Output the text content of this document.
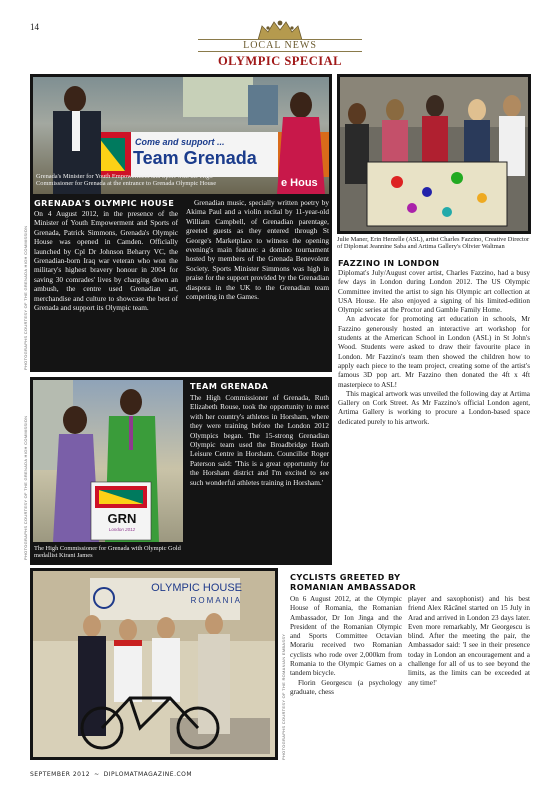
14
LOCAL NEWS
OLYMPIC SPECIAL
Come and support ...
Team Grenada
e Hous
Grenada's Minister for Youth Empowerment and Sport with the High Commissioner for Grenada at the entrance to Grenada Olympic House
GRENADA'S OLYMPIC HOUSE

On 4 August 2012, in the presence of the Minister of Youth Empowerment and Sports of Grenada, Patrick Simmons, Grenada's Olympic House was opened in Camden. Officially launched by Cpl Dr Johnson Beharry VC, the Grenadian-born Iraq war veteran who won the military's highest bravery honour in 2004 for saving 30 comrades' lives by charging down an ambush, the centre used Grenadian art, merchandise and culture to showcase the best of Grenada and support its Olympic team.

Grenadian music, specially written poetry by Akima Paul and a violin recital by 11-year-old William Campbell, of Grenadian parentage, greeted guests as they entered through St George's Marketplace to witness the opening evening's main feature: a domino tournament hosted by members of the Grenada Benevolent Society. Sports Minister Simmons was high in praise for the support provided by the Grenadian diaspora in the UK to the Grenadian team competing in the Games.

PHOTOGRAPHS COURTESY OF THE GRENADA HIGH COMMISSION
GRN
London 2012
The High Commissioner for Grenada with Olympic Gold medallist Kirani James
TEAM GRENADA

The High Commissioner of Grenada, Ruth Elizabeth Rouse, took the opportunity to meet with her country's athletes in Horsham, where they were training before the London 2012 Olympics began. The 15-strong Grenadian Olympic team used the Broadbridge Heath Leisure Centre in Horsham. Councillor Roger Paterson said: 'This is a great opportunity for the Horsham district and I'm excited to see such wonderful athletes training in Horsham.'

PHOTOGRAPHS COURTESY OF THE GRENADA HIGH COMMISSION
Julie Maner, Erin Herzelle (ASL), artist Charles Fazzino, Creative Director of Diplomat Jeannine Saba and Artima Gallery's Olivier Waltman
FAZZINO IN LONDON

Diplomat's July/August cover artist, Charles Fazzino, had a busy few days in London during London 2012. The US Olympic Committee invited the artist to sign his Olympic art collection at USA House. He also enjoyed a signing of his limited-edition Olympic series at the Proctor and Gamble Family Home.

An advocate for promoting art education in schools, Mr Fazzino generously hosted an interactive art workshop for students at the American School in London (ASL) in St John's Wood. Students were asked to draw their favourite place in London. Mr Fazzino's team then showed the children how to apply each piece to the team project, creating some of the artist's famous 3D pop art. Mr Fazzino then donated the 4ft x 4ft masterpiece to ASL!

This magical artwork was unveiled the following day at Artima Gallery on Cork Street. As Mr Fazzino's official London agent, Artima Gallery is working to procure a London-based space dedicated purely to his artwork.

OLYMPIC HOUSE
ROMANIA
PHOTOGRAPHS COURTESY OF THE ROMANIAN EMBASSY
CYCLISTS GREETED BY
ROMANIAN AMBASSADOR

On 6 August 2012, at the Olympic House of Romania, the Romanian Ambassador, Dr Ion Jinga and the President of the Romanian Olympic and Sports Committee Octavian Morariu received two Romanian cyclists who rode over 2,000km from Romania to the Olympic Games on a tandem bicycle.

Florin Georgescu (a psychology graduate, chess

player and saxophonist) and his best friend Alex Răcănel started on 15 July in Arad and arrived in London 23 days later. Even more remarkably, Mr Georgescu is blind. After the meeting the pair, the Ambassador said: 'I see in their presence today in London an encouragement and a challenge for all of us to see beyond the limits, as the limits can be exceeded at any time!'

SEPTEMBER 2012 ~ DIPLOMATMAGAZINE.COM
